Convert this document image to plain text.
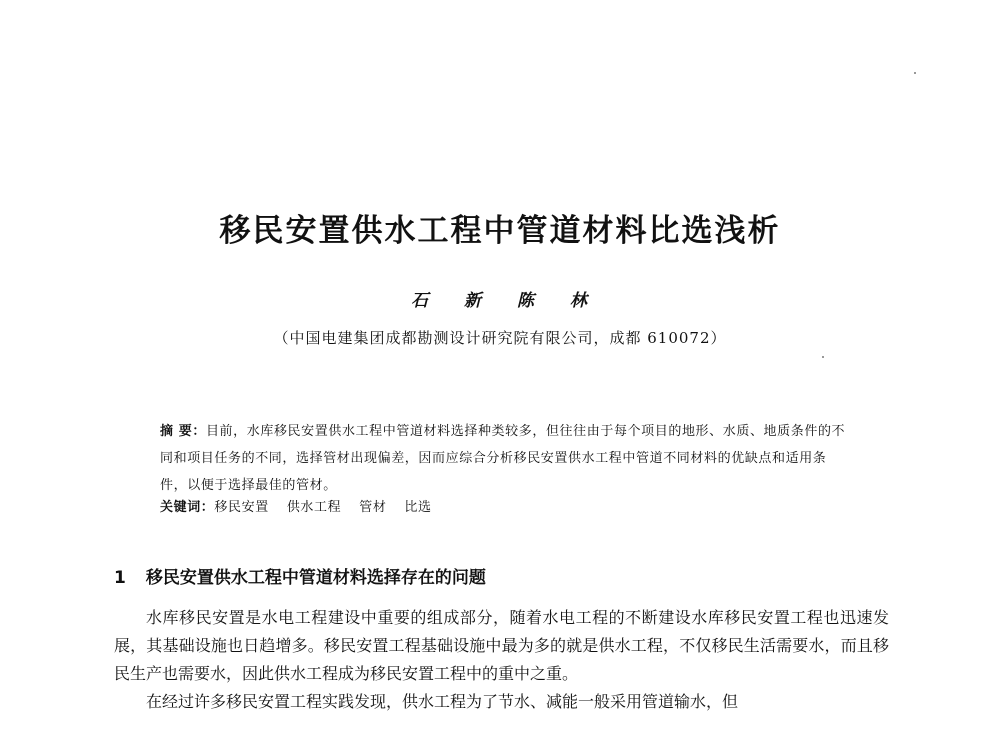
移民安置供水工程中管道材料比选浅析

石 新 陈 林

（中国电建集团成都勘测设计研究院有限公司，成都 610072）

摘 要：目前，水库移民安置供水工程中管道材料选择种类较多，但往往由于每个项目的地形、水质、地质条件的不同和项目任务的不同，选择管材出现偏差，因而应综合分析移民安置供水工程中管道不同材料的优缺点和适用条件，以便于选择最佳的管材。

关键词：移民安置 供水工程 管材 比选

1 移民安置供水工程中管道材料选择存在的问题

水库移民安置是水电工程建设中重要的组成部分，随着水电工程的不断建设水库移民安置工程也迅速发展，其基础设施也日趋增多。移民安置工程基础设施中最为多的就是供水工程，不仅移民生活需要水，而且移民生产也需要水，因此供水工程成为移民安置工程中的重中之重。

在经过许多移民安置工程实践发现，供水工程为了节水、减能一般采用管道输水，但
